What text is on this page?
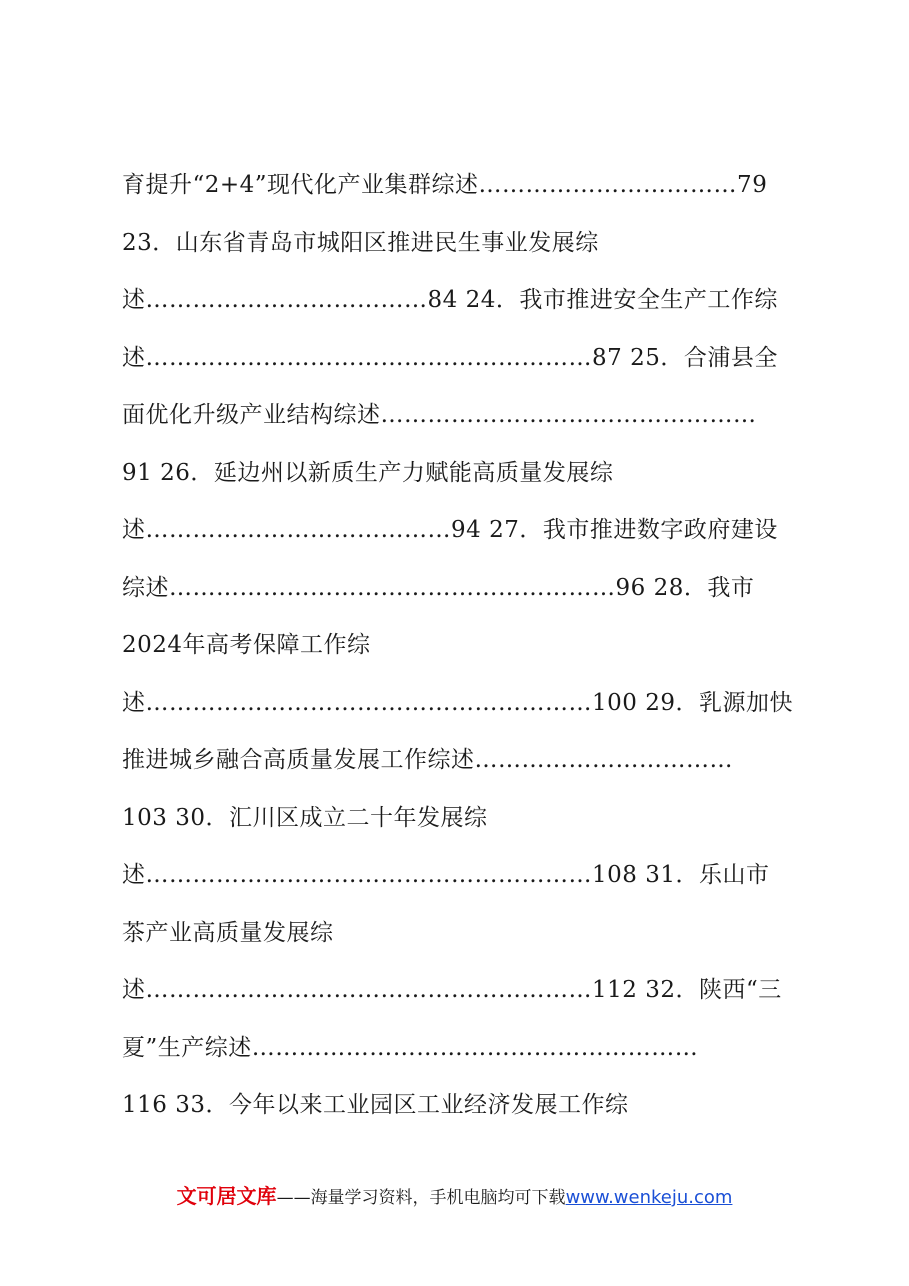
育提升“2+4”现代化产业集群综述……………………………79
23．山东省青岛市城阳区推进民生事业发展综
述………………………………84 24．我市推进安全生产工作综
述…………………………………………………87 25．合浦县全
面优化升级产业结构综述…………………………………………
91 26．延边州以新质生产力赋能高质量发展综
述…………………………………94 27．我市推进数字政府建设
综述…………………………………………………96 28．我市
2024年高考保障工作综
述…………………………………………………100 29．乳源加快
推进城乡融合高质量发展工作综述……………………………
103 30．汇川区成立二十年发展综
述…………………………………………………108 31．乐山市
茶产业高质量发展综
述…………………………………………………112 32．陕西“三
夏”生产综述…………………………………………………
116 33．今年以来工业园区工业经济发展工作综
文可居文库——海量学习资料，手机电脑均可下载www.wenkeju.com
